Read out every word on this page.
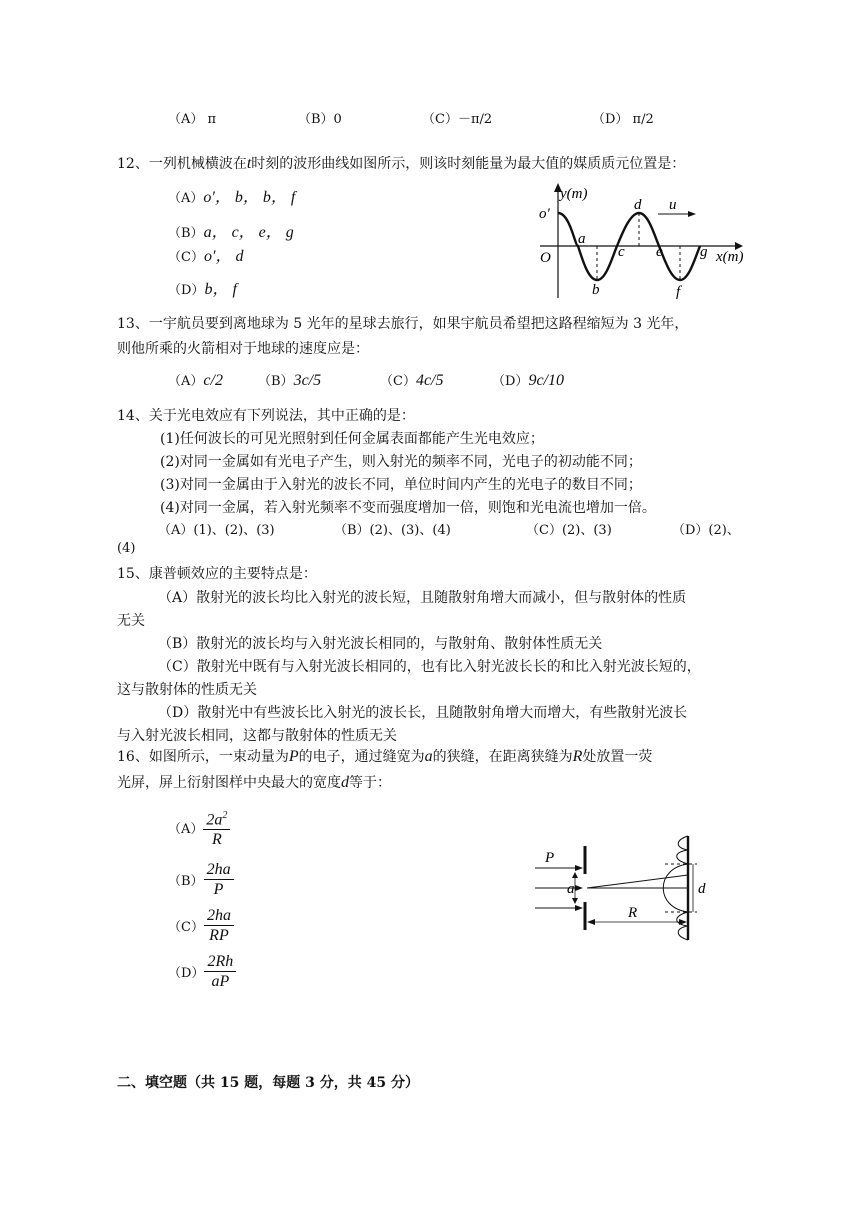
（A） π	（B）0	（C）－π/2	（D） π/2
12、一列机械横波在t时刻的波形曲线如图所示，则该时刻能量为最大值的媒质质元位置是：
（A）o′， b， b， f
（B）a， c， e， g
（C）o′， d
（D）b， f
y(m)
x(m)
O
o′
a
b
c
d
e
f
g
u
13、一宇航员要到离地球为 5 光年的星球去旅行，如果宇航员希望把这路程缩短为 3 光年，
则他所乘的火箭相对于地球的速度应是：
（A）c/2	（B）3c/5	（C）4c/5	（D）9c/10
14、关于光电效应有下列说法，其中正确的是：
(1)任何波长的可见光照射到任何金属表面都能产生光电效应；
(2)对同一金属如有光电子产生，则入射光的频率不同，光电子的初动能不同；
(3)对同一金属由于入射光的波长不同，单位时间内产生的光电子的数目不同；
(4)对同一金属，若入射光频率不变而强度增加一倍，则饱和光电流也增加一倍。
（A）(1)、(2)、(3)	（B）(2)、(3)、(4)	（C）(2)、(3)	（D）(2)、
(4)
15、康普顿效应的主要特点是：
（A）散射光的波长均比入射光的波长短，且随散射角增大而减小，但与散射体的性质
无关
（B）散射光的波长均与入射光波长相同的，与散射角、散射体性质无关
（C）散射光中既有与入射光波长相同的，也有比入射光波长长的和比入射光波长短的，
这与散射体的性质无关
（D）散射光中有些波长比入射光的波长长，且随散射角增大而增大，有些散射光波长
与入射光波长相同，这都与散射体的性质无关
16、如图所示，一束动量为P的电子，通过缝宽为a的狭缝，在距离狭缝为R处放置一荧
光屏，屏上衍射图样中央最大的宽度d等于：
$(A) \frac{2a^2}{R}$
$(B) \frac{2ha}{P}$
$(C) \frac{2ha}{RP}$
$(D) \frac{2Rh}{aP}$
P
a
R
d
二、填空题（共 15 题，每题 3 分，共 45 分）
